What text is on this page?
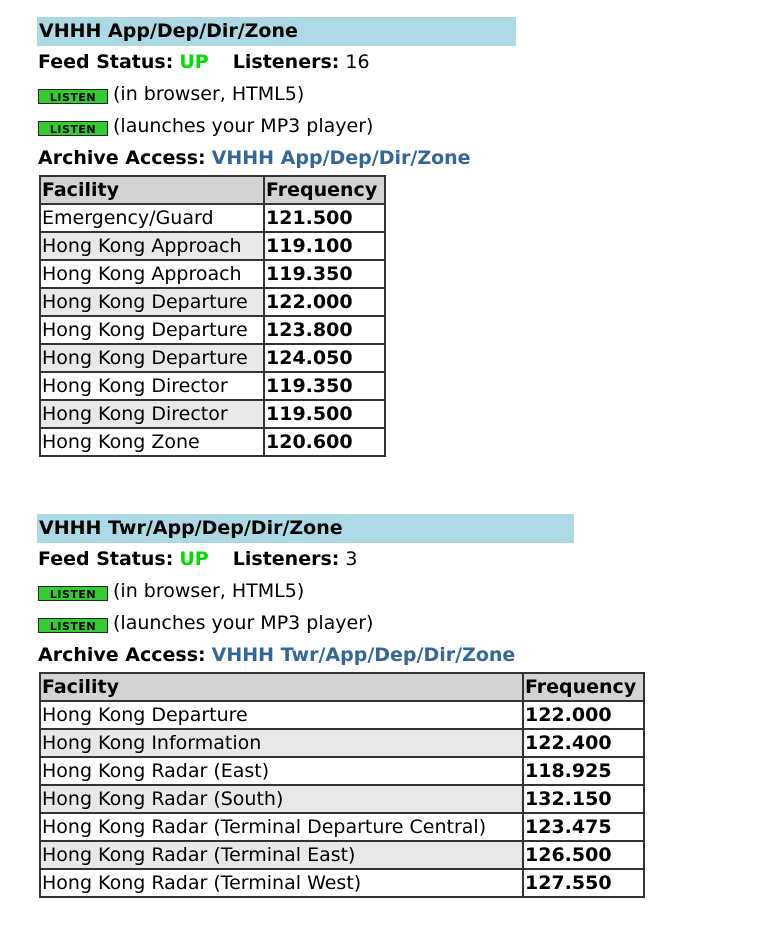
VHHH App/Dep/Dir/Zone
Feed Status: UP Listeners: 16
LISTEN (in browser, HTML5)
LISTEN (launches your MP3 player)
Archive Access: VHHH App/Dep/Dir/Zone
Facility	Frequency
Emergency/Guard	121.500
Hong Kong Approach	119.100
Hong Kong Approach	119.350
Hong Kong Departure	122.000
Hong Kong Departure	123.800
Hong Kong Departure	124.050
Hong Kong Director	119.350
Hong Kong Director	119.500
Hong Kong Zone	120.600
VHHH Twr/App/Dep/Dir/Zone
Feed Status: UP Listeners: 3
LISTEN (in browser, HTML5)
LISTEN (launches your MP3 player)
Archive Access: VHHH Twr/App/Dep/Dir/Zone
Facility	Frequency
Hong Kong Departure	122.000
Hong Kong Information	122.400
Hong Kong Radar (East)	118.925
Hong Kong Radar (South)	132.150
Hong Kong Radar (Terminal Departure Central)	123.475
Hong Kong Radar (Terminal East)	126.500
Hong Kong Radar (Terminal West)	127.550
